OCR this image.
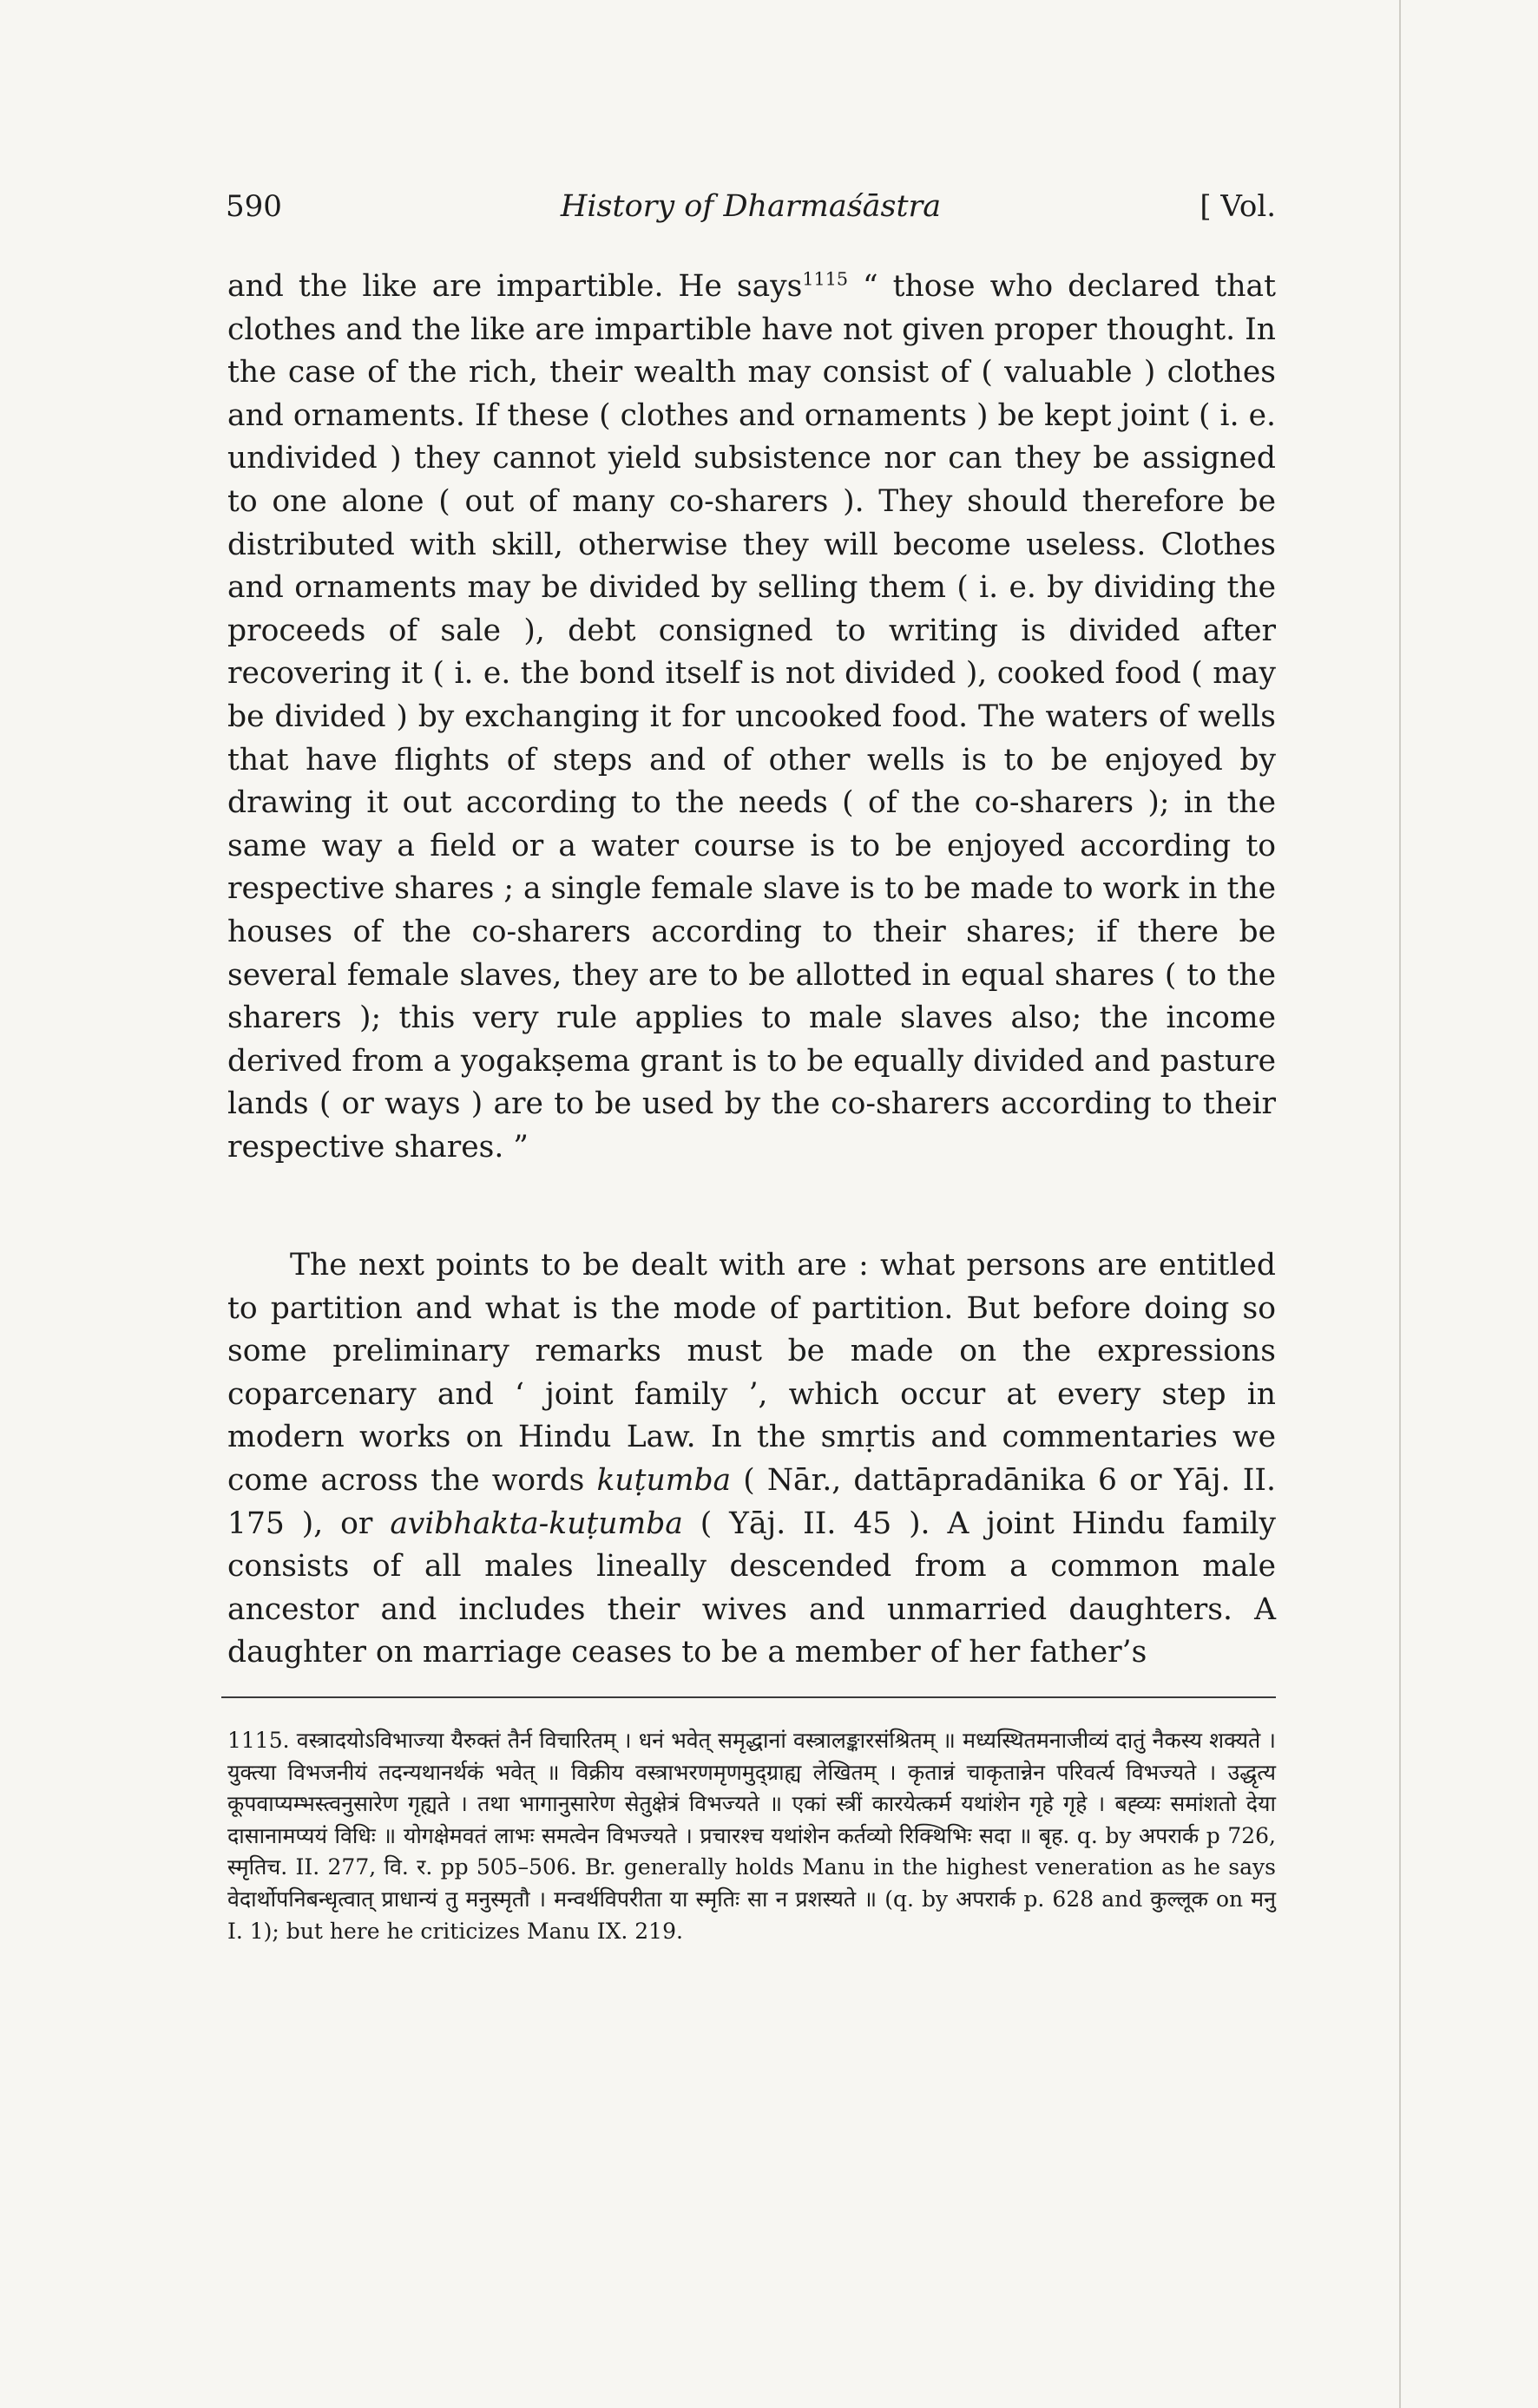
590	History of Dharmaśāstra	[ Vol.
and the like are impartible. He says$^{1115}$ “ those who declared that clothes and the like are impartible have not given proper thought. In the case of the rich, their wealth may consist of ( valuable ) clothes and ornaments. If these ( clothes and ornaments ) be kept joint ( i. e. undivided ) they cannot yield subsistence nor can they be assigned to one alone ( out of many co-sharers ). They should therefore be distributed with skill, otherwise they will become useless. Clothes and ornaments may be divided by selling them ( i. e. by dividing the proceeds of sale ), debt consigned to writing is divided after recovering it ( i. e. the bond itself is not divided ), cooked food ( may be divided ) by exchanging it for uncooked food. The waters of wells that have flights of steps and of other wells is to be enjoyed by drawing it out according to the needs ( of the co-sharers ); in the same way a field or a water course is to be enjoyed according to respective shares ; a single female slave is to be made to work in the houses of the co-sharers according to their shares; if there be several female slaves, they are to be allotted in equal shares ( to the sharers ); this very rule applies to male slaves also; the income derived from a yogakṣema grant is to be equally divided and pasture lands ( or ways ) are to be used by the co-sharers according to their respective shares. ”
The next points to be dealt with are : what persons are entitled to partition and what is the mode of partition. But before doing so some preliminary remarks must be made on the expressions coparcenary and ‘ joint family ’, which occur at every step in modern works on Hindu Law. In the smṛtis and commentaries we come across the words kuṭumba ( Nār., dattāpradānika 6 or Yāj. II. 175 ), or avibhakta-kuṭumba ( Yāj. II. 45 ). A joint Hindu family consists of all males lineally descended from a common male ancestor and includes their wives and unmarried daughters. A daughter on marriage ceases to be a member of her father’s
1115. वस्त्रादयोऽविभाज्या यैरुक्तं तैर्न विचारितम् । धनं भवेत् समृद्धानां वस्त्रालङ्कारसंश्रितम् ॥ मध्यस्थितमनाजीव्यं दातुं नैकस्य शक्यते । युक्त्या विभजनीयं तदन्यथानर्थकं भवेत् ॥ विक्रीय वस्त्राभरणमृणमुद्ग्राह्य लेखितम् । कृतान्नं चाकृतान्नेन परिवर्त्य विभज्यते । उद्धृत्य कूपवाप्यम्भस्त्वनुसारेण गृह्यते । तथा भागानुसारेण सेतुक्षेत्रं विभज्यते ॥ एकां स्त्रीं कारयेत्कर्म यथांशेन गृहे गृहे । बह्व्यः समांशतो देया दासानामप्ययं विधिः ॥ योगक्षेमवतं लाभः समत्वेन विभज्यते । प्रचारश्च यथांशेन कर्तव्यो रिक्थिभिः सदा ॥ बृह. q. by अपरार्क p 726, स्मृतिच. II. 277, वि. र. pp 505–506. Br. generally holds Manu in the highest veneration as he says वेदार्थोपनिबन्धृत्वात् प्राधान्यं तु मनुस्मृतौ । मन्वर्थविपरीता या स्मृतिः सा न प्रशस्यते ॥ (q. by अपरार्क p. 628 and कुल्लूक on मनु I. 1); but here he criticizes Manu IX. 219.
